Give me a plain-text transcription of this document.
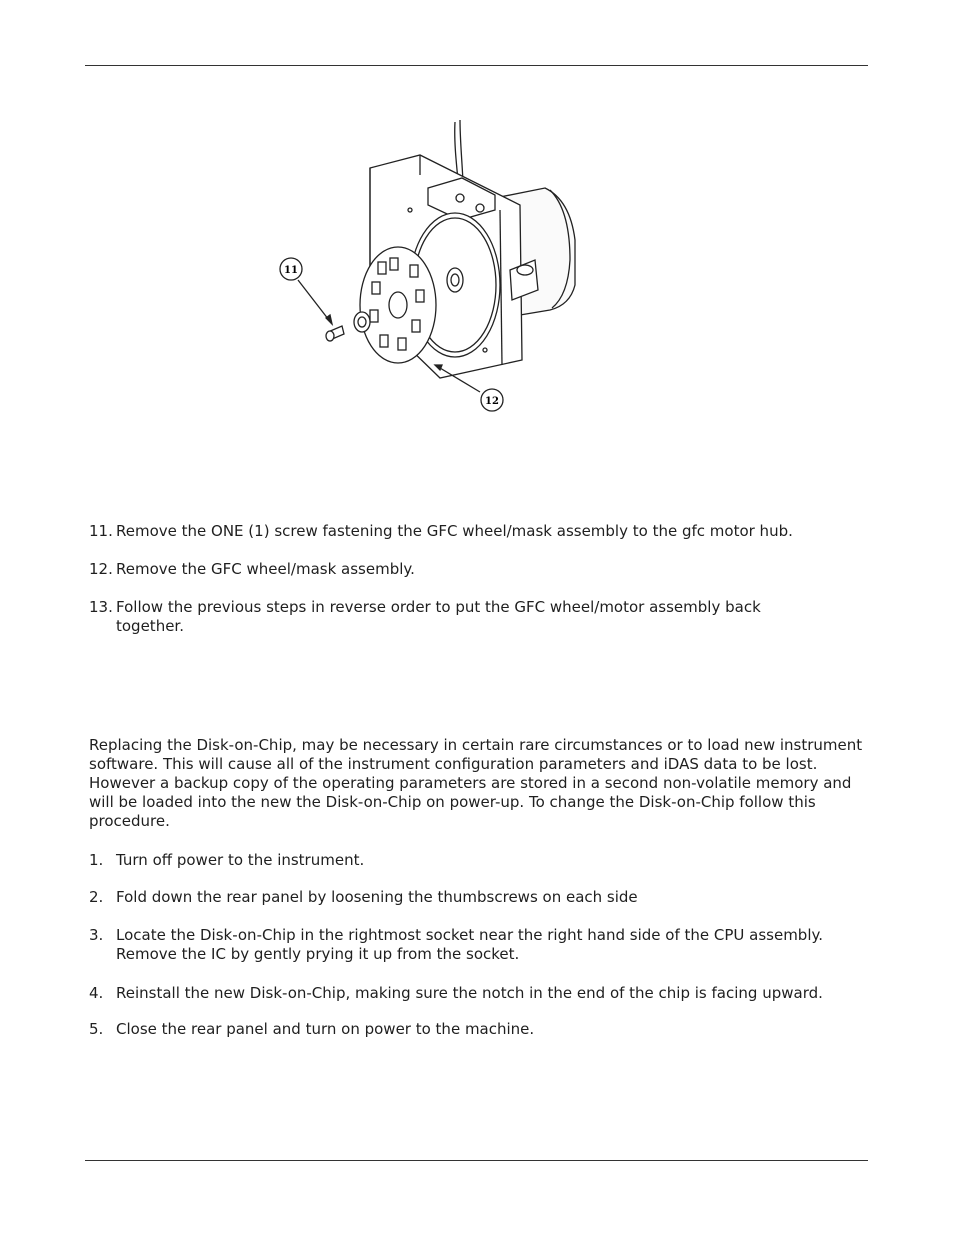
11
12
11. Remove the ONE (1) screw fastening the GFC wheel/mask assembly to the gfc motor hub.
12. Remove the GFC wheel/mask assembly.
13. Follow the previous steps in reverse order to put the GFC wheel/motor assembly back together.

Replacing the Disk-on-Chip, may be necessary in certain rare circumstances or to load new instrument software. This will cause all of the instrument configuration parameters and iDAS data to be lost. However a backup copy of the operating parameters are stored in a second non-volatile memory and will be loaded into the new the Disk-on-Chip on power-up. To change the Disk-on-Chip follow this procedure.

1. Turn off power to the instrument.
2. Fold down the rear panel by loosening the thumbscrews on each side
3. Locate the Disk-on-Chip in the rightmost socket near the right hand side of the CPU assembly. Remove the IC by gently prying it up from the socket.
4. Reinstall the new Disk-on-Chip, making sure the notch in the end of the chip is facing upward.
5. Close the rear panel and turn on power to the machine.
